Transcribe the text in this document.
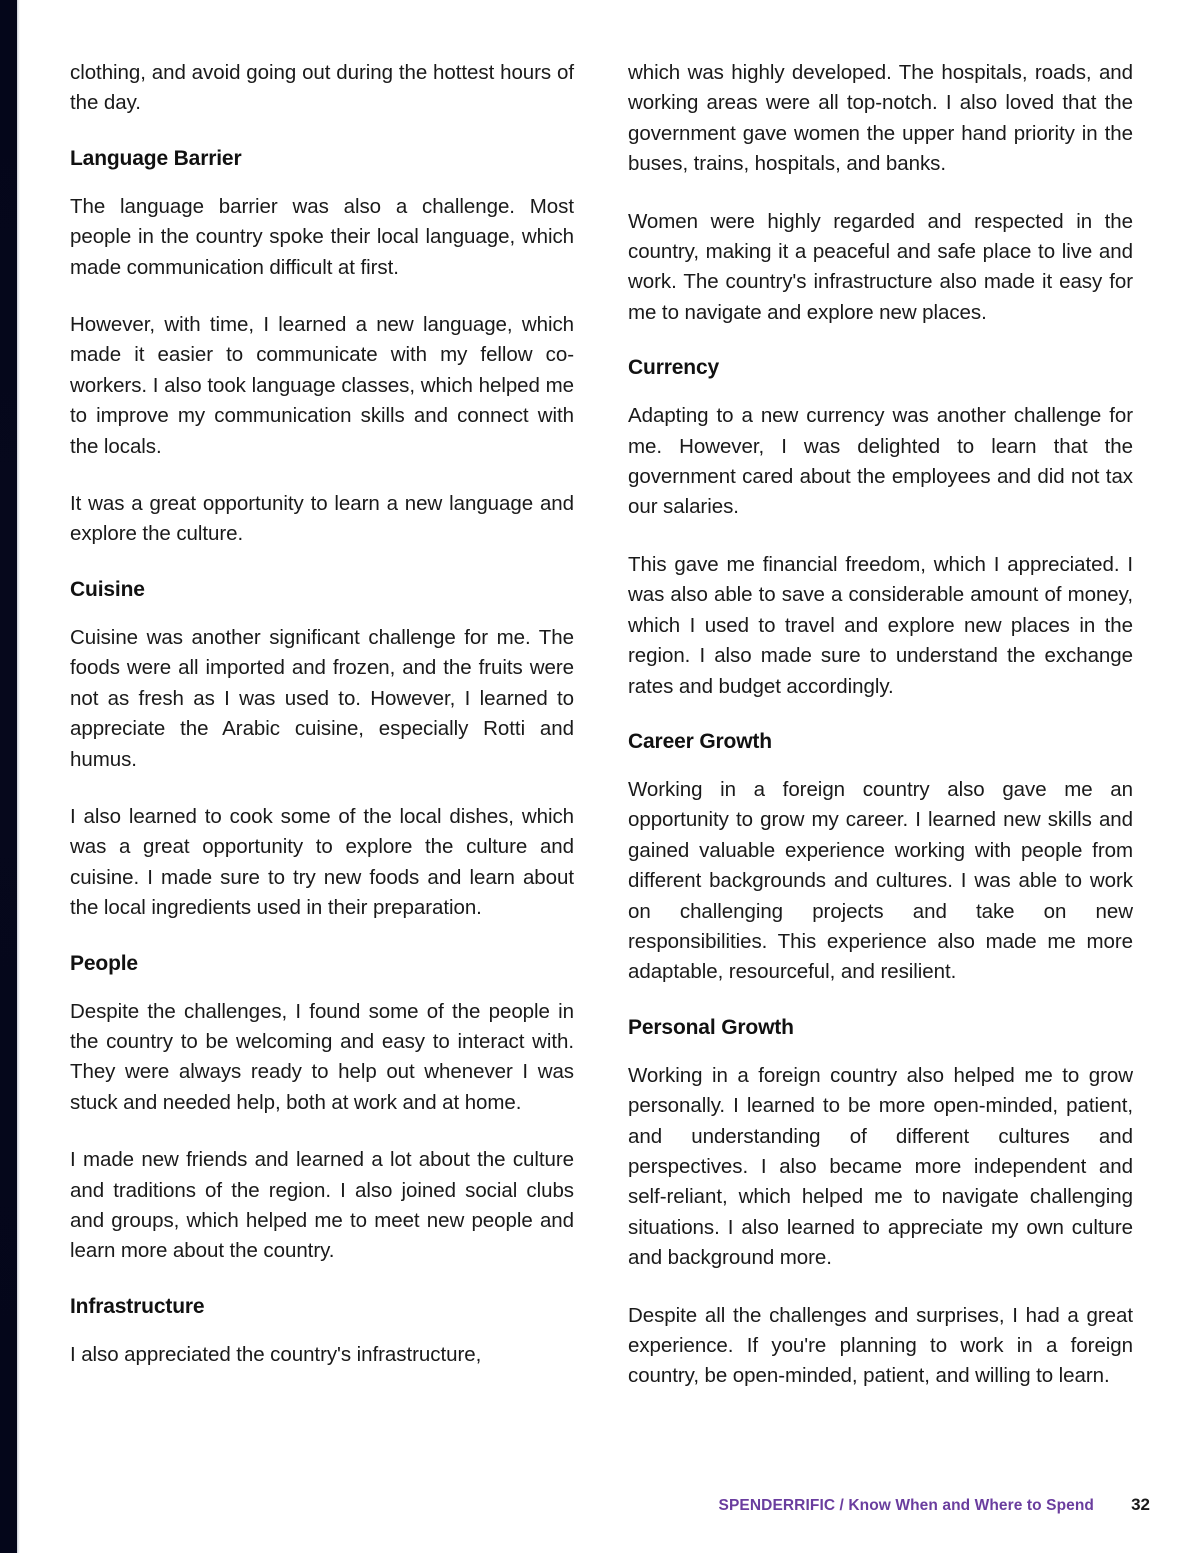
clothing, and avoid going out during the hottest hours of the day.

Language Barrier

The language barrier was also a challenge. Most people in the country spoke their local language, which made communication difficult at first.

However, with time, I learned a new language, which made it easier to communicate with my fellow co-workers. I also took language classes, which helped me to improve my communication skills and connect with the locals.

It was a great opportunity to learn a new language and explore the culture.

Cuisine

Cuisine was another significant challenge for me. The foods were all imported and frozen, and the fruits were not as fresh as I was used to. However, I learned to appreciate the Arabic cuisine, especially Rotti and humus.

I also learned to cook some of the local dishes, which was a great opportunity to explore the culture and cuisine. I made sure to try new foods and learn about the local ingredients used in their preparation.

People

Despite the challenges, I found some of the people in the country to be welcoming and easy to interact with. They were always ready to help out whenever I was stuck and needed help, both at work and at home.

I made new friends and learned a lot about the culture and traditions of the region. I also joined social clubs and groups, which helped me to meet new people and learn more about the country.

Infrastructure

I also appreciated the country's infrastructure,

which was highly developed. The hospitals, roads, and working areas were all top-notch. I also loved that the government gave women the upper hand priority in the buses, trains, hospitals, and banks.

Women were highly regarded and respected in the country, making it a peaceful and safe place to live and work. The country's infrastructure also made it easy for me to navigate and explore new places.

Currency

Adapting to a new currency was another challenge for me. However, I was delighted to learn that the government cared about the employees and did not tax our salaries.

This gave me financial freedom, which I appreciated. I was also able to save a considerable amount of money, which I used to travel and explore new places in the region. I also made sure to understand the exchange rates and budget accordingly.

Career Growth

Working in a foreign country also gave me an opportunity to grow my career. I learned new skills and gained valuable experience working with people from different backgrounds and cultures. I was able to work on challenging projects and take on new responsibilities. This experience also made me more adaptable, resourceful, and resilient.

Personal Growth

Working in a foreign country also helped me to grow personally. I learned to be more open-minded, patient, and understanding of different cultures and perspectives. I also became more independent and self-reliant, which helped me to navigate challenging situations. I also learned to appreciate my own culture and background more.

Despite all the challenges and surprises, I had a great experience. If you're planning to work in a foreign country, be open-minded, patient, and willing to learn.

SPENDERRIFIC / Know When and Where to Spend	32
